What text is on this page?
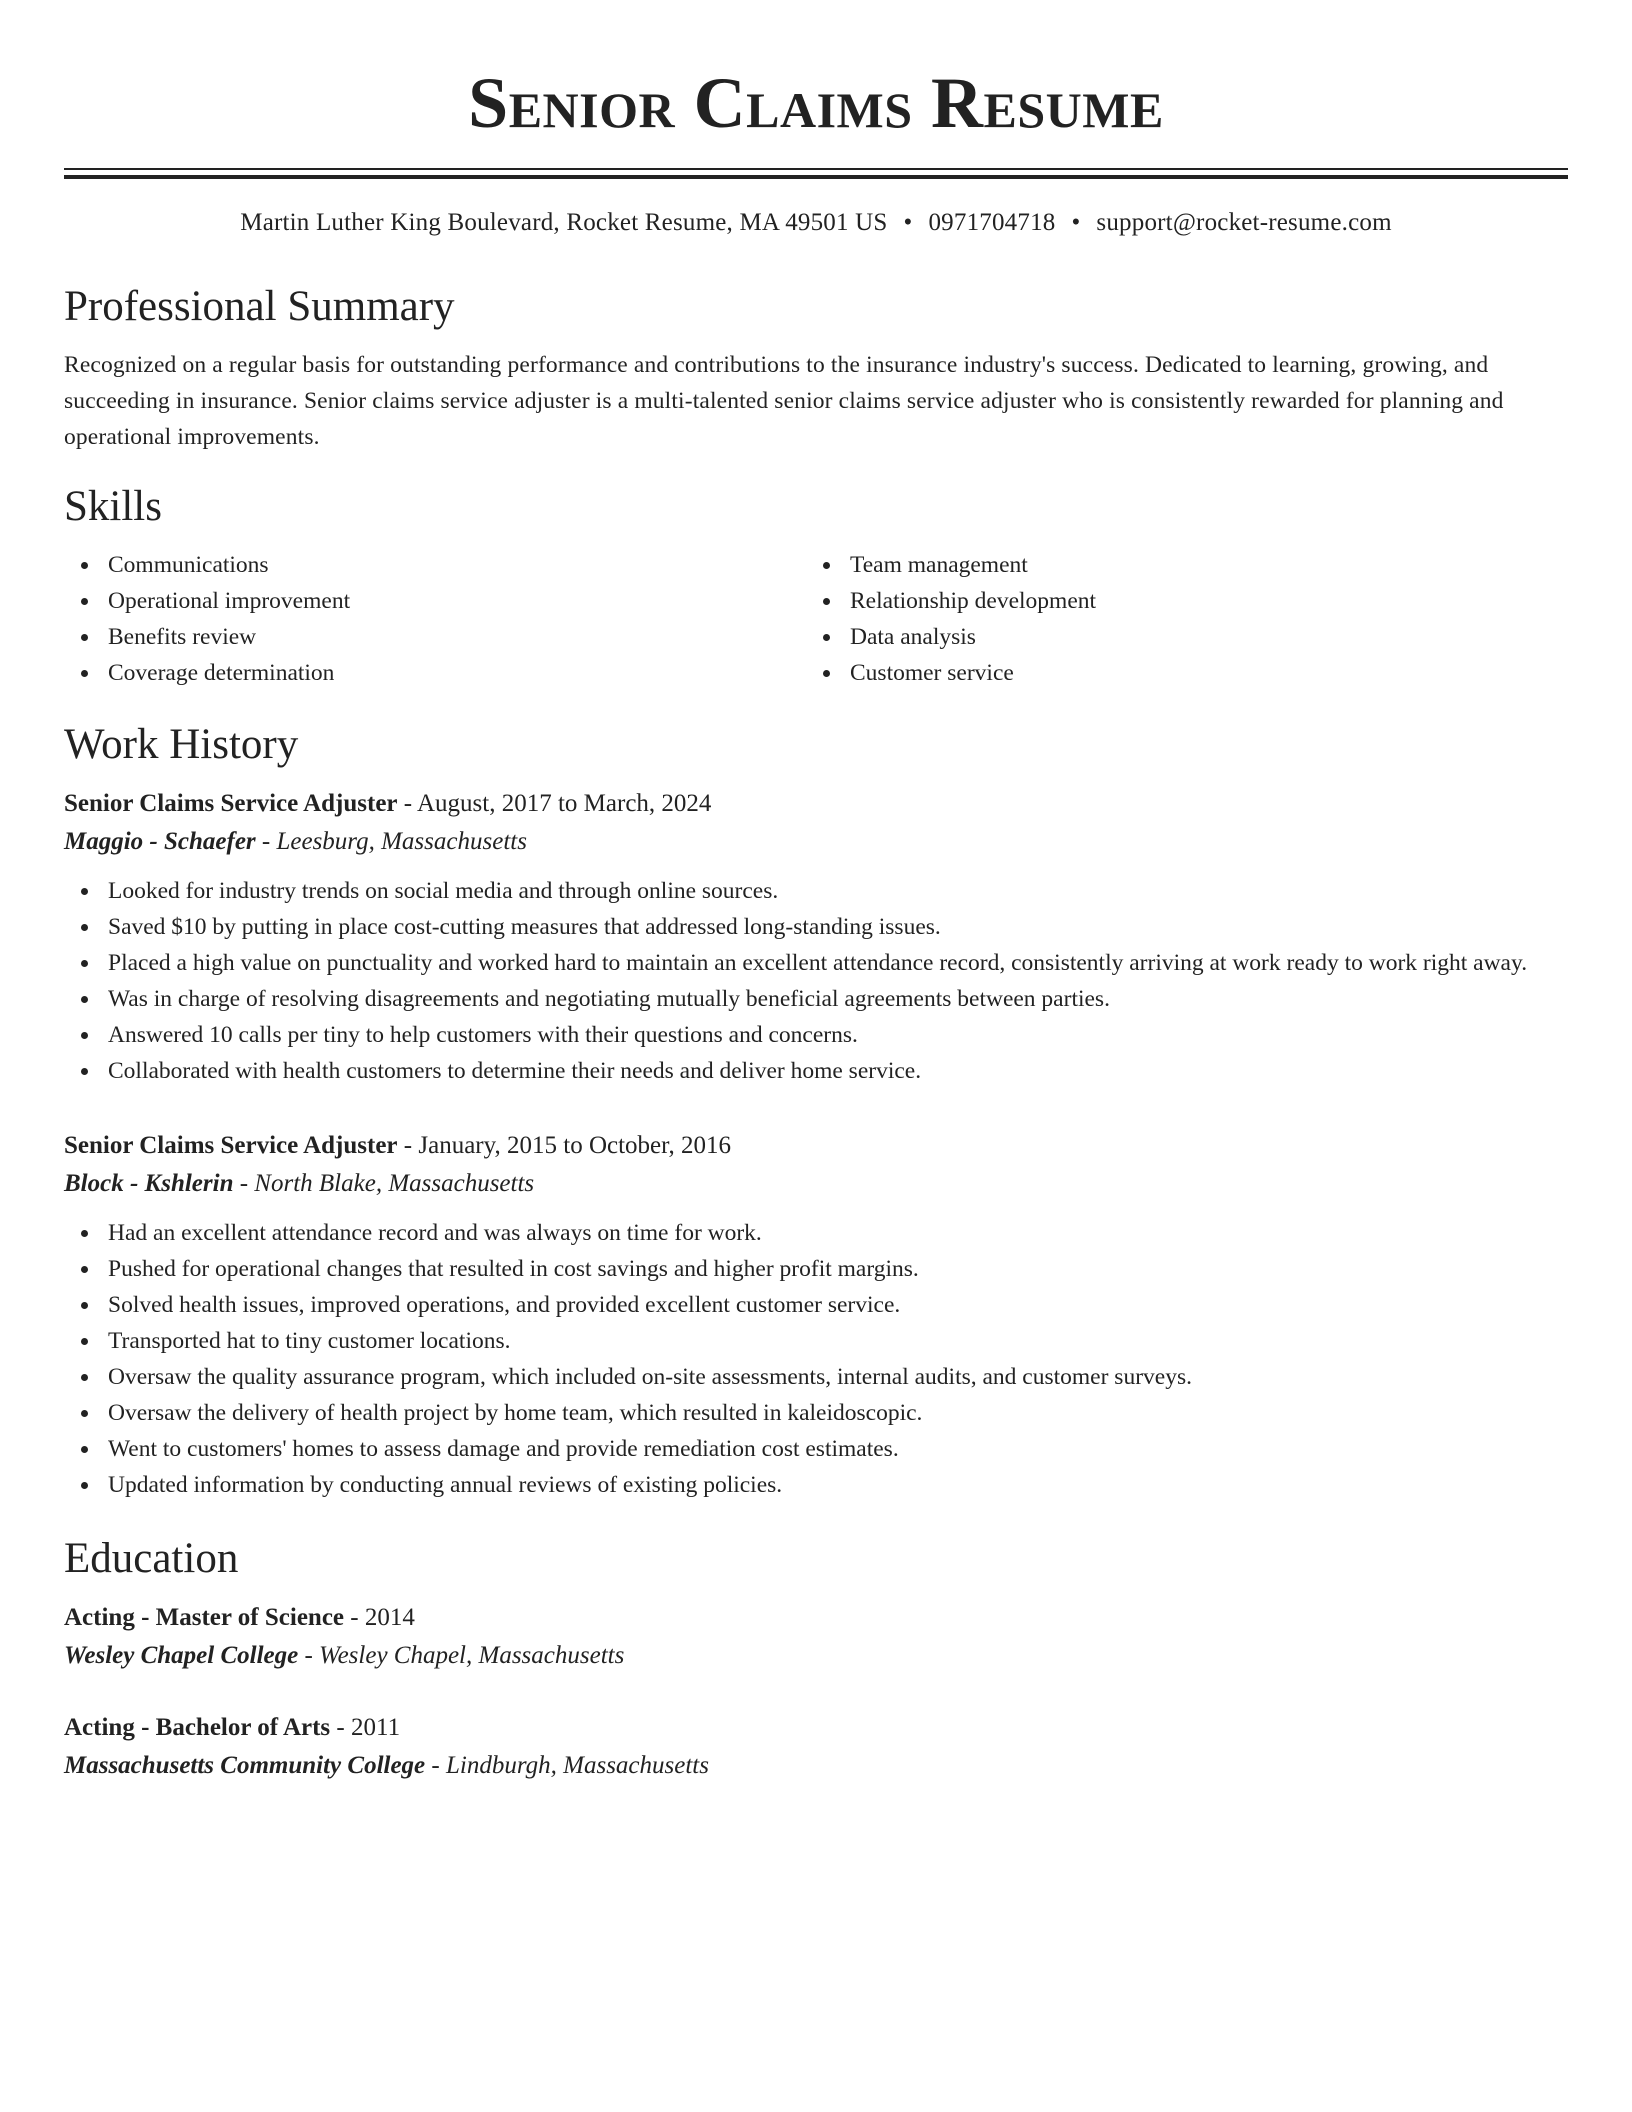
Senior Claims Resume
Martin Luther King Boulevard, Rocket Resume, MA 49501 US • 0971704718 • support@rocket-resume.com
Professional Summary
Recognized on a regular basis for outstanding performance and contributions to the insurance industry's success. Dedicated to learning, growing, and succeeding in insurance. Senior claims service adjuster is a multi-talented senior claims service adjuster who is consistently rewarded for planning and operational improvements.
Skills
Communications
Operational improvement
Benefits review
Coverage determination
Team management
Relationship development
Data analysis
Customer service
Work History
Senior Claims Service Adjuster - August, 2017 to March, 2024
Maggio - Schaefer - Leesburg, Massachusetts
Looked for industry trends on social media and through online sources.
Saved $10 by putting in place cost-cutting measures that addressed long-standing issues.
Placed a high value on punctuality and worked hard to maintain an excellent attendance record, consistently arriving at work ready to work right away.
Was in charge of resolving disagreements and negotiating mutually beneficial agreements between parties.
Answered 10 calls per tiny to help customers with their questions and concerns.
Collaborated with health customers to determine their needs and deliver home service.
Senior Claims Service Adjuster - January, 2015 to October, 2016
Block - Kshlerin - North Blake, Massachusetts
Had an excellent attendance record and was always on time for work.
Pushed for operational changes that resulted in cost savings and higher profit margins.
Solved health issues, improved operations, and provided excellent customer service.
Transported hat to tiny customer locations.
Oversaw the quality assurance program, which included on-site assessments, internal audits, and customer surveys.
Oversaw the delivery of health project by home team, which resulted in kaleidoscopic.
Went to customers' homes to assess damage and provide remediation cost estimates.
Updated information by conducting annual reviews of existing policies.
Education
Acting - Master of Science - 2014
Wesley Chapel College - Wesley Chapel, Massachusetts
Acting - Bachelor of Arts - 2011
Massachusetts Community College - Lindburgh, Massachusetts
